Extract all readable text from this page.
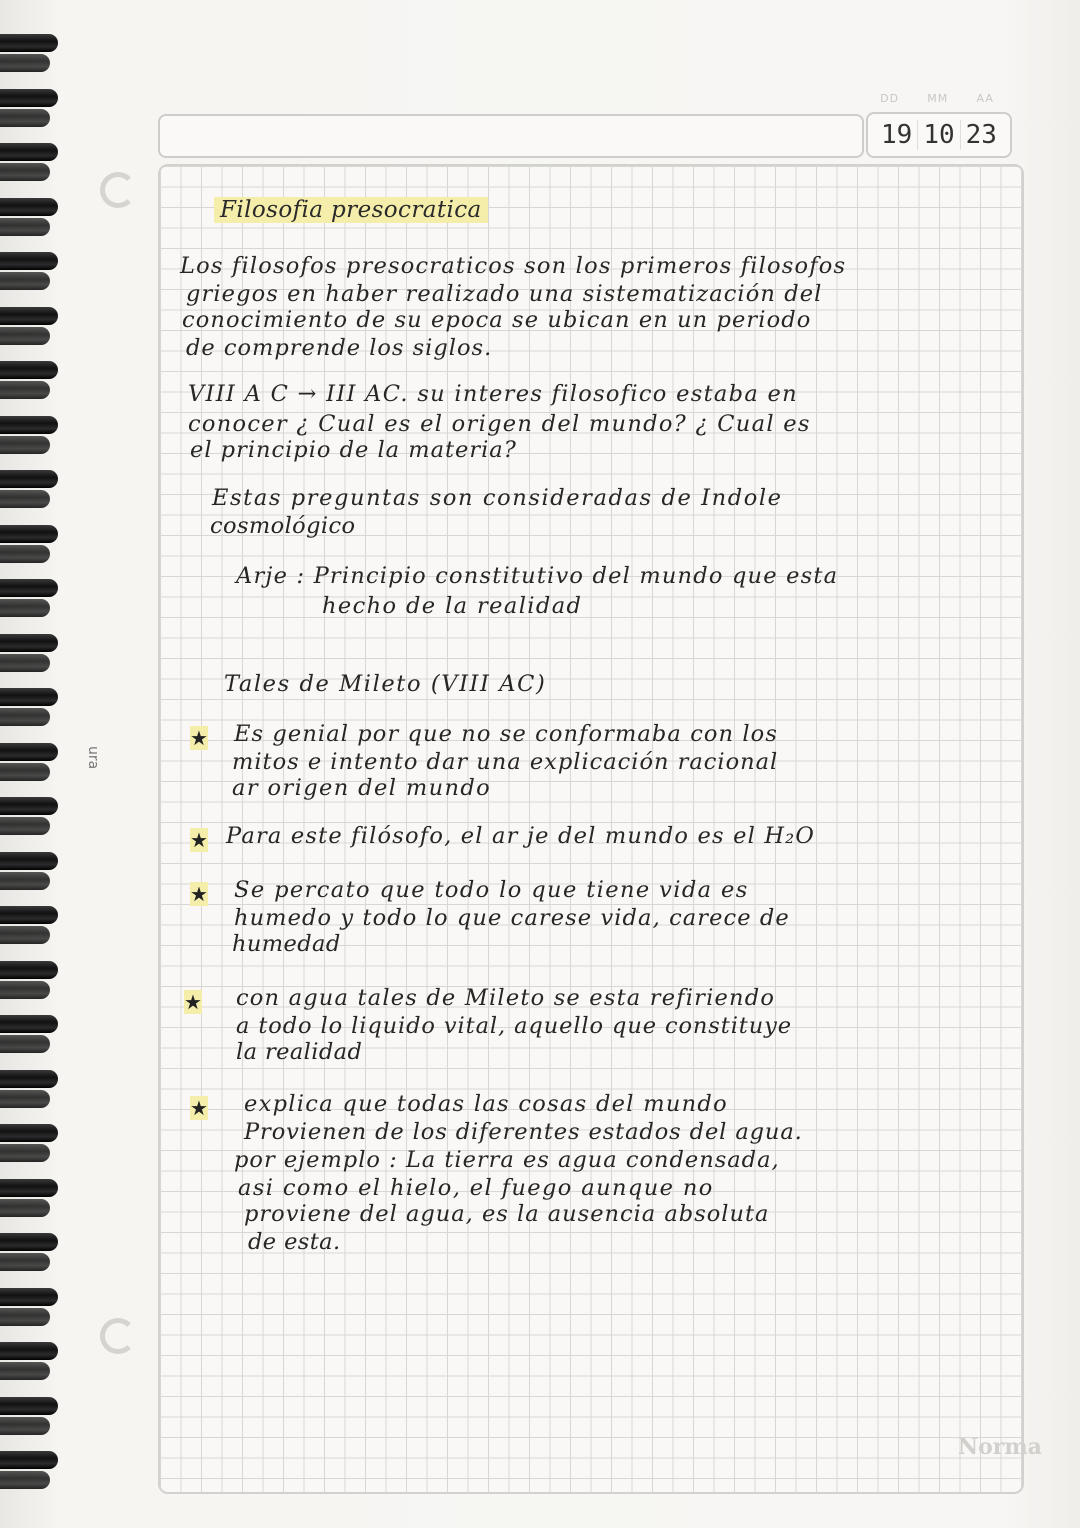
DD	MM	AA
19 10 23
ura

Filosofia presocratica

Los filosofos presocraticos son los primeros filosofos

griegos en haber realizado una sistematización del

conocimiento de su epoca se ubican en un periodo

de comprende los siglos.

VIII A C → III AC. su interes filosofico estaba en

conocer ¿ Cual es el origen del mundo? ¿ Cual es

el principio de la materia?

Estas preguntas son consideradas de Indole

cosmológico

Arje : Principio constitutivo del mundo que esta

hecho de la realidad

Tales de Mileto (VIII AC)

★ Es genial por que no se conformaba con los

mitos e intento dar una explicación racional

ar origen del mundo

★ Para este filósofo, el ar je del mundo es el H₂O

★ Se percato que todo lo que tiene vida es

humedo y todo lo que carese vida, carece de

humedad

★ con agua tales de Mileto se esta refiriendo

a todo lo liquido vital, aquello que constituye

la realidad

★ explica que todas las cosas del mundo

Provienen de los diferentes estados del agua.

por ejemplo : La tierra es agua condensada,

asi como el hielo, el fuego aunque no

proviene del agua, es la ausencia absoluta

de esta.

Norma
